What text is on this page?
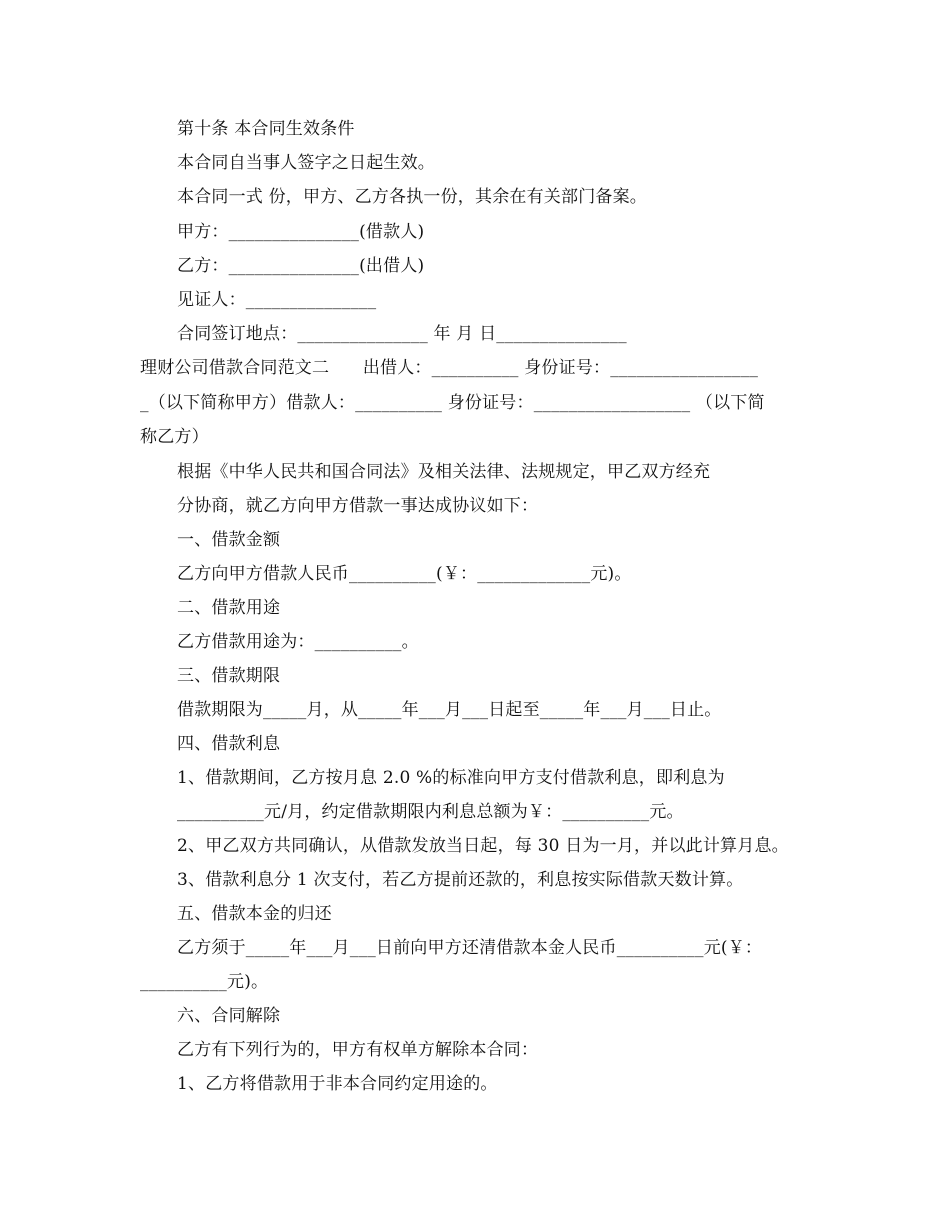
第十条 本合同生效条件
本合同自当事人签字之日起生效。
本合同一式 份，甲方、乙方各执一份，其余在有关部门备案。
甲方：_______________(借款人)
乙方：_______________(出借人)
见证人：_______________
合同签订地点：_______________ 年 月 日_______________
理财公司借款合同范文二      出借人：__________ 身份证号：_________________
_（以下简称甲方）借款人：__________ 身份证号：__________________ （以下简
称乙方）
根据《中华人民共和国合同法》及相关法律、法规规定，甲乙双方经充
分协商，就乙方向甲方借款一事达成协议如下：
一、借款金额
乙方向甲方借款人民币__________(￥：_____________元)。
二、借款用途
乙方借款用途为：__________。
三、借款期限
借款期限为_____月，从_____年___月___日起至_____年___月___日止。
四、借款利息
1、借款期间，乙方按月息 2.0 %的标准向甲方支付借款利息，即利息为
__________元/月，约定借款期限内利息总额为￥：__________元。
2、甲乙双方共同确认，从借款发放当日起，每 30 日为一月，并以此计算月息。
3、借款利息分 1 次支付，若乙方提前还款的，利息按实际借款天数计算。
五、借款本金的归还
乙方须于_____年___月___日前向甲方还清借款本金人民币__________元(￥：
__________元)。
六、合同解除
乙方有下列行为的，甲方有权单方解除本合同：
1、乙方将借款用于非本合同约定用途的。
